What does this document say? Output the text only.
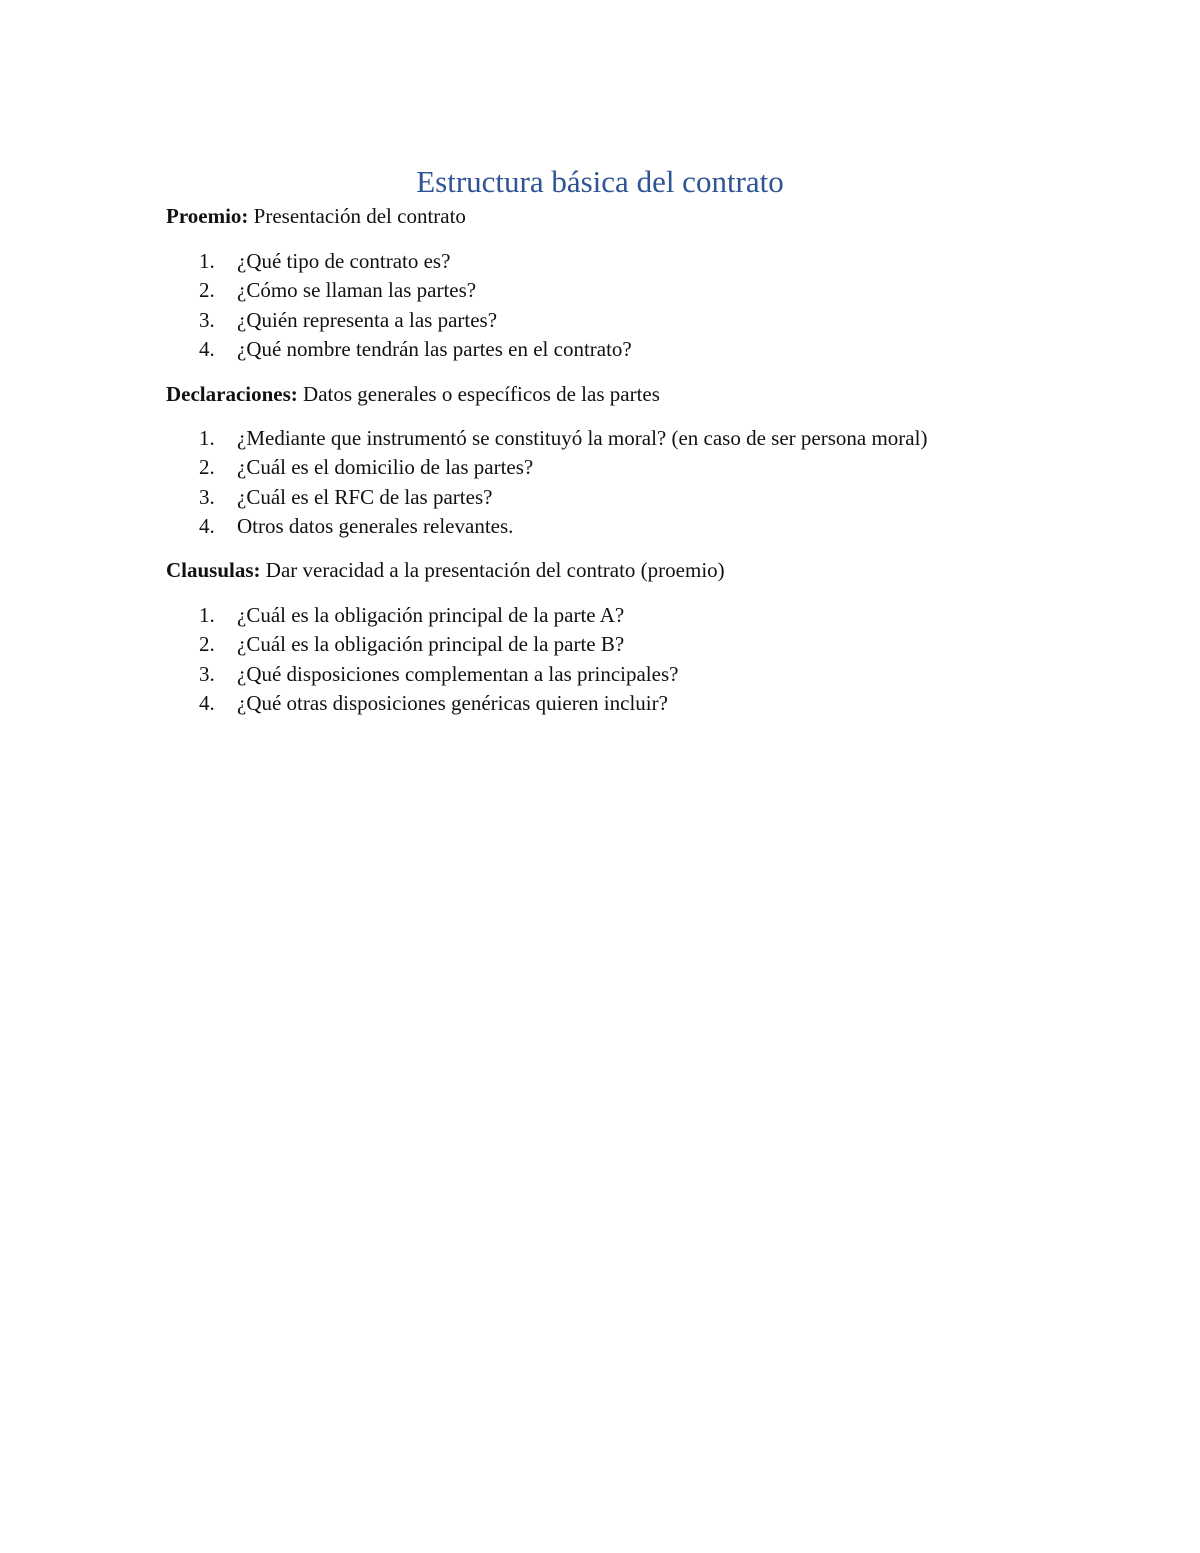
Estructura básica del contrato

Proemio: Presentación del contrato

1.	¿Qué tipo de contrato es?
2.	¿Cómo se llaman las partes?
3.	¿Quién representa a las partes?
4.	¿Qué nombre tendrán las partes en el contrato?

Declaraciones: Datos generales o específicos de las partes

1.	¿Mediante que instrumentó se constituyó la moral? (en caso de ser persona moral)
2.	¿Cuál es el domicilio de las partes?
3.	¿Cuál es el RFC de las partes?
4.	Otros datos generales relevantes.

Clausulas: Dar veracidad a la presentación del contrato (proemio)

1.	¿Cuál es la obligación principal de la parte A?
2.	¿Cuál es la obligación principal de la parte B?
3.	¿Qué disposiciones complementan a las principales?
4.	¿Qué otras disposiciones genéricas quieren incluir?
